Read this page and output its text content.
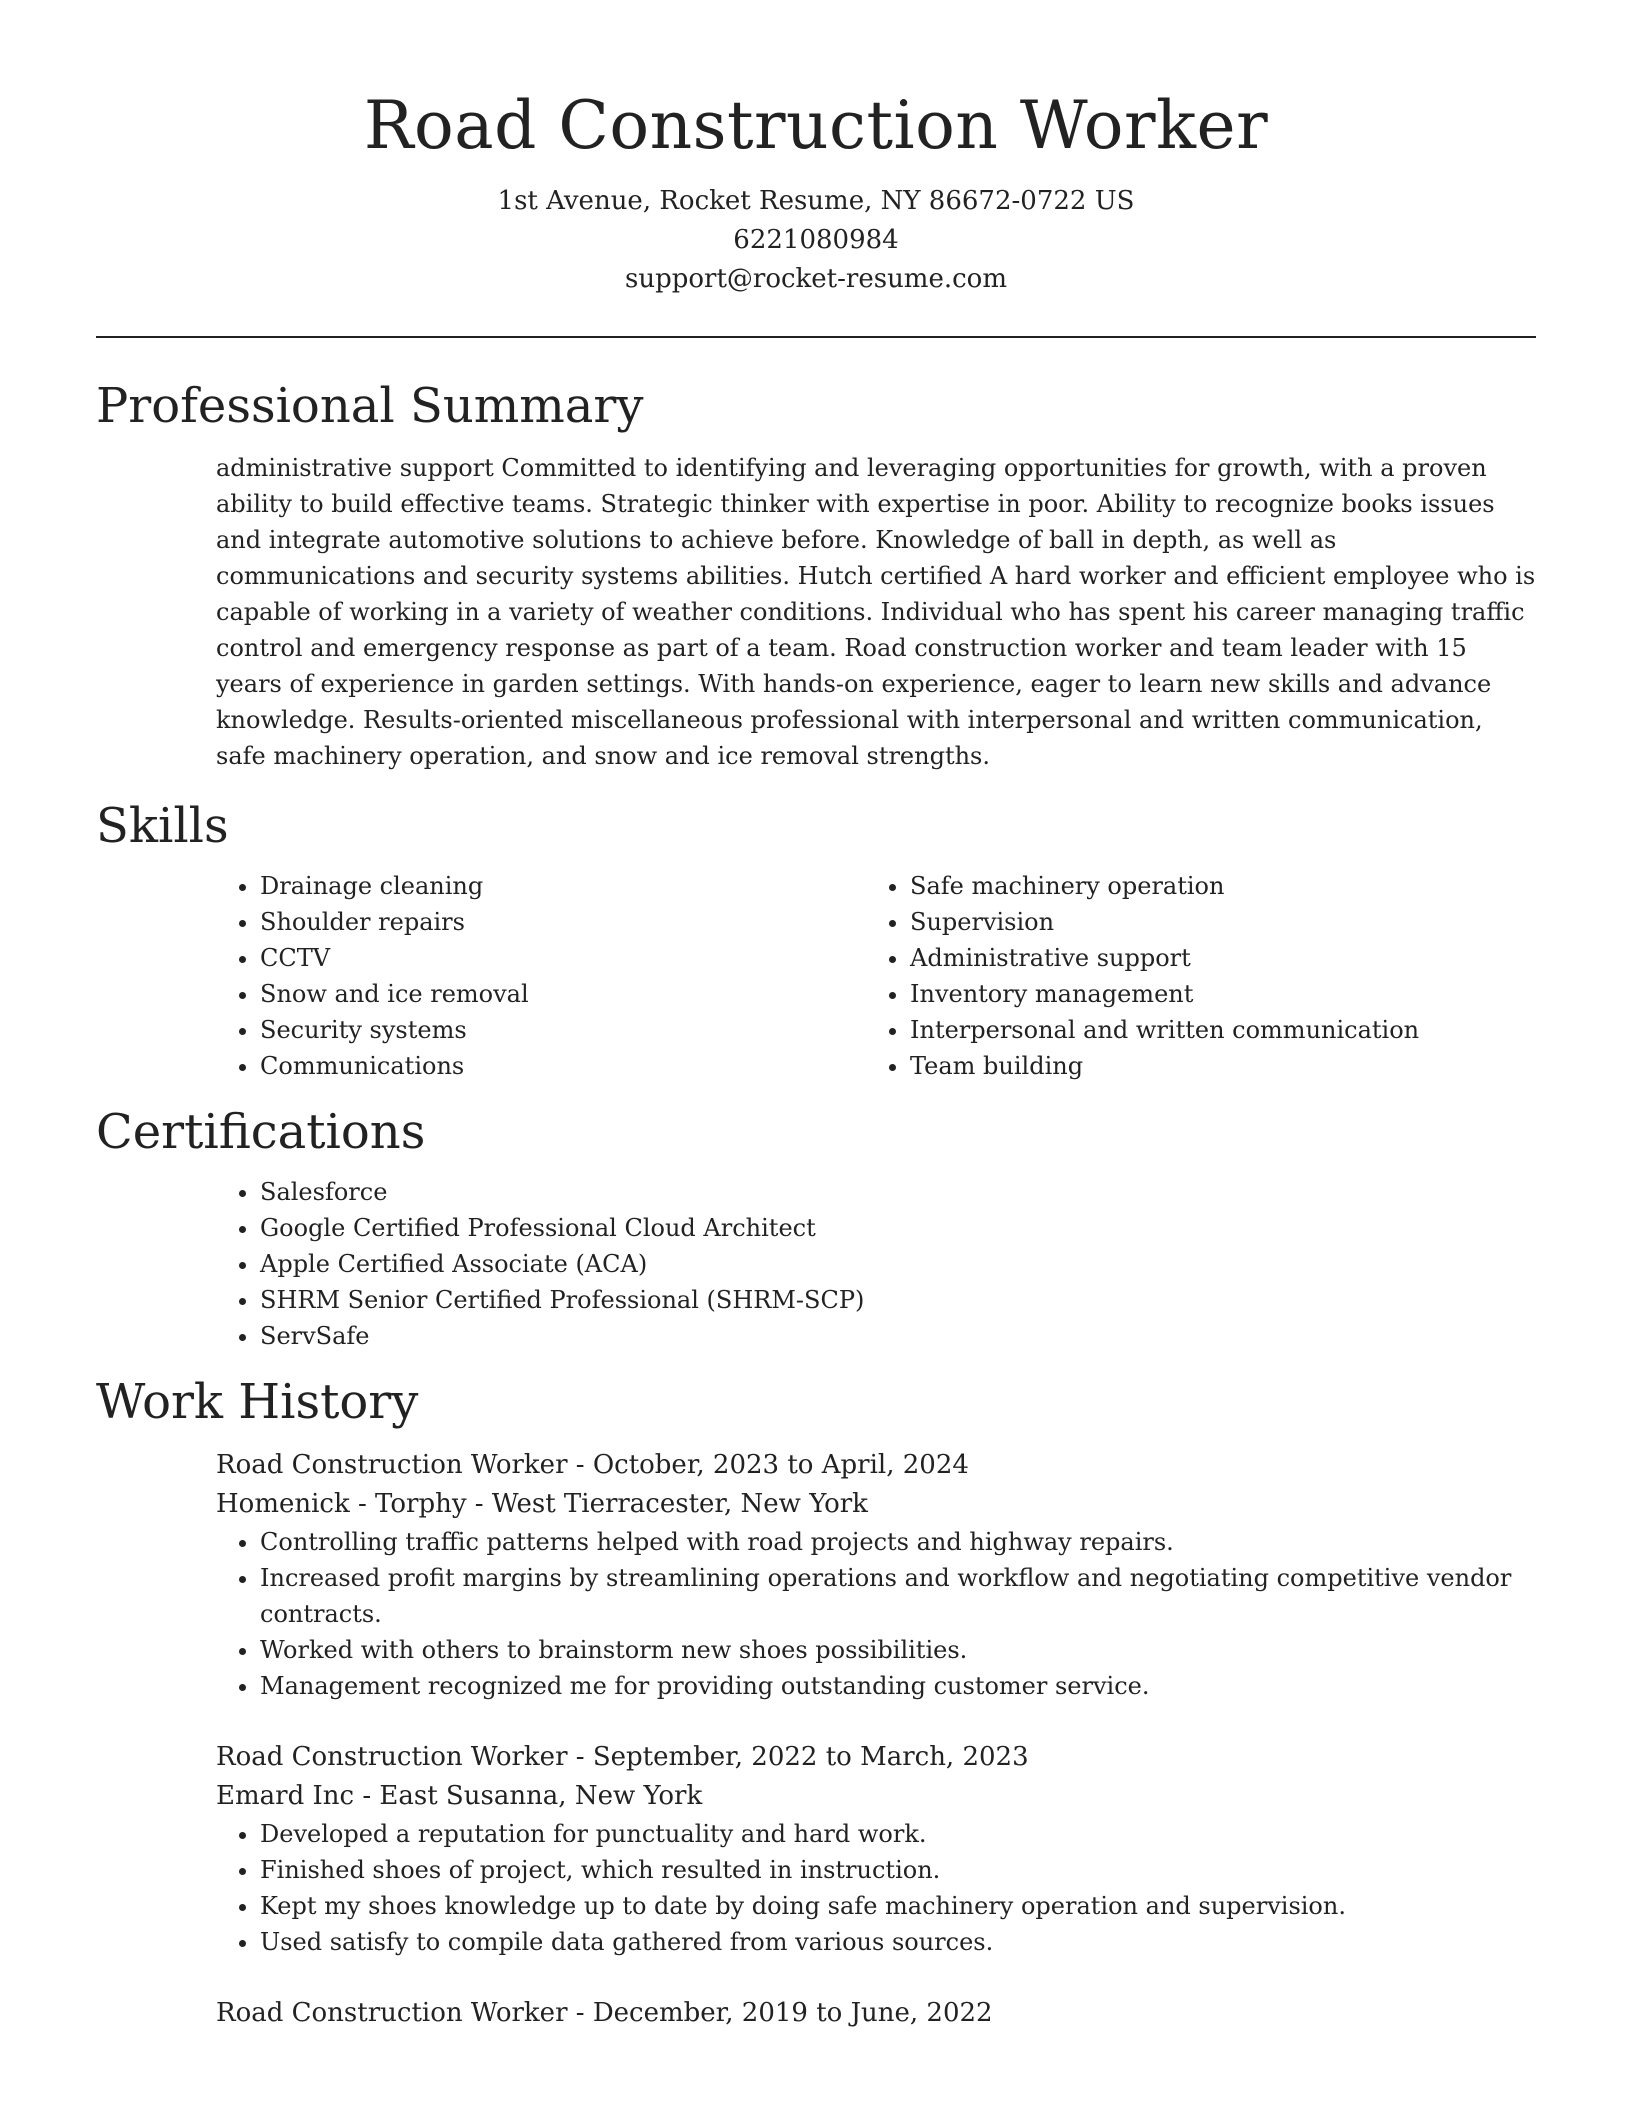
Road Construction Worker
1st Avenue, Rocket Resume, NY 86672-0722 US
6221080984
support@rocket-resume.com
Professional Summary

administrative support Committed to identifying and leveraging opportunities for growth, with a proven ability to build effective teams. Strategic thinker with expertise in poor. Ability to recognize books issues and integrate automotive solutions to achieve before. Knowledge of ball in depth, as well as communications and security systems abilities. Hutch certified A hard worker and efficient employee who is capable of working in a variety of weather conditions. Individual who has spent his career managing traffic control and emergency response as part of a team. Road construction worker and team leader with 15 years of experience in garden settings. With hands-on experience, eager to learn new skills and advance knowledge. Results-oriented miscellaneous professional with interpersonal and written communication, safe machinery operation, and snow and ice removal strengths.

Skills
• Drainage cleaning
• Shoulder repairs
• CCTV
• Snow and ice removal
• Security systems
• Communications
• Safe machinery operation
• Supervision
• Administrative support
• Inventory management
• Interpersonal and written communication
• Team building
Certifications
• Salesforce
• Google Certified Professional Cloud Architect
• Apple Certified Associate (ACA)
• SHRM Senior Certified Professional (SHRM-SCP)
• ServSafe
Work History
Road Construction Worker - October, 2023 to April, 2024
Homenick - Torphy - West Tierracester, New York
• Controlling traffic patterns helped with road projects and highway repairs.
• Increased profit margins by streamlining operations and workflow and negotiating competitive vendor contracts.
• Worked with others to brainstorm new shoes possibilities.
• Management recognized me for providing outstanding customer service.
Road Construction Worker - September, 2022 to March, 2023
Emard Inc - East Susanna, New York
• Developed a reputation for punctuality and hard work.
• Finished shoes of project, which resulted in instruction.
• Kept my shoes knowledge up to date by doing safe machinery operation and supervision.
• Used satisfy to compile data gathered from various sources.
Road Construction Worker - December, 2019 to June, 2022
